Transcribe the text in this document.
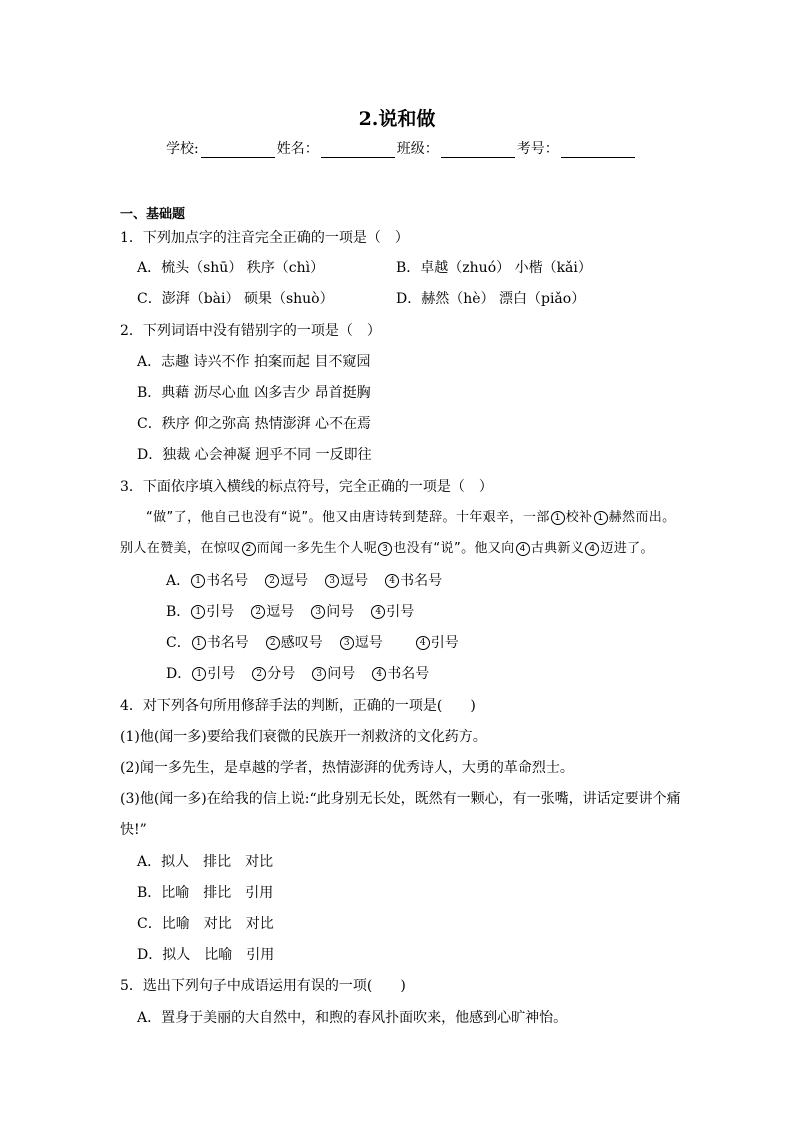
2.说和做
学校:	姓名：	班级：	考号：
一、基础题
1．下列加点字的注音完全正确的一项是（　）
A．梳头（shū） 秩序（chì）	B．卓越（zhuó） 小楷（kǎi）
C．澎湃（bài） 硕果（shuò）	D．赫然（hè） 漂白（piǎo）
2．下列词语中没有错别字的一项是（　）
A．志趣 诗兴不作 拍案而起 目不窥园
B．典藉 沥尽心血 凶多吉少 昂首挺胸
C．秩序 仰之弥高 热情澎湃 心不在焉
D．独裁 心会神凝 迥乎不同 一反即往
3．下面依序填入横线的标点符号，完全正确的一项是（　）
“做”了，他自己也没有“说”。他又由唐诗转到楚辞。十年艰辛，一部 1 校补 1 赫然而出。
别人在赞美，在惊叹 2 而闻一多先生个人呢 3 也没有“说”。他又向 4 古典新义 4 迈进了。
A． 1 书名号 2 逗号 3 逗号 4 书名号
B． 1 引号 2 逗号 3 问号 4 引号
C． 1 书名号 2 感叹号 3 逗号	4 引号
D． 1 引号 2 分号 3 问号 4 书名号
4．对下列各句所用修辞手法的判断，正确的一项是(　　)
(1)他(闻一多)要给我们衰微的民族开一剂救济的文化药方。
(2)闻一多先生，是卓越的学者，热情澎湃的优秀诗人，大勇的革命烈士。
(3)他(闻一多)在给我的信上说:“此身别无长处，既然有一颗心，有一张嘴，讲话定要讲个痛
快!”
A．拟人　排比　对比
B．比喻　排比　引用
C．比喻　对比　对比
D．拟人　比喻　引用
5．选出下列句子中成语运用有误的一项(　　)
A．置身于美丽的大自然中，和煦的春风扑面吹来，他感到心旷神怡。
